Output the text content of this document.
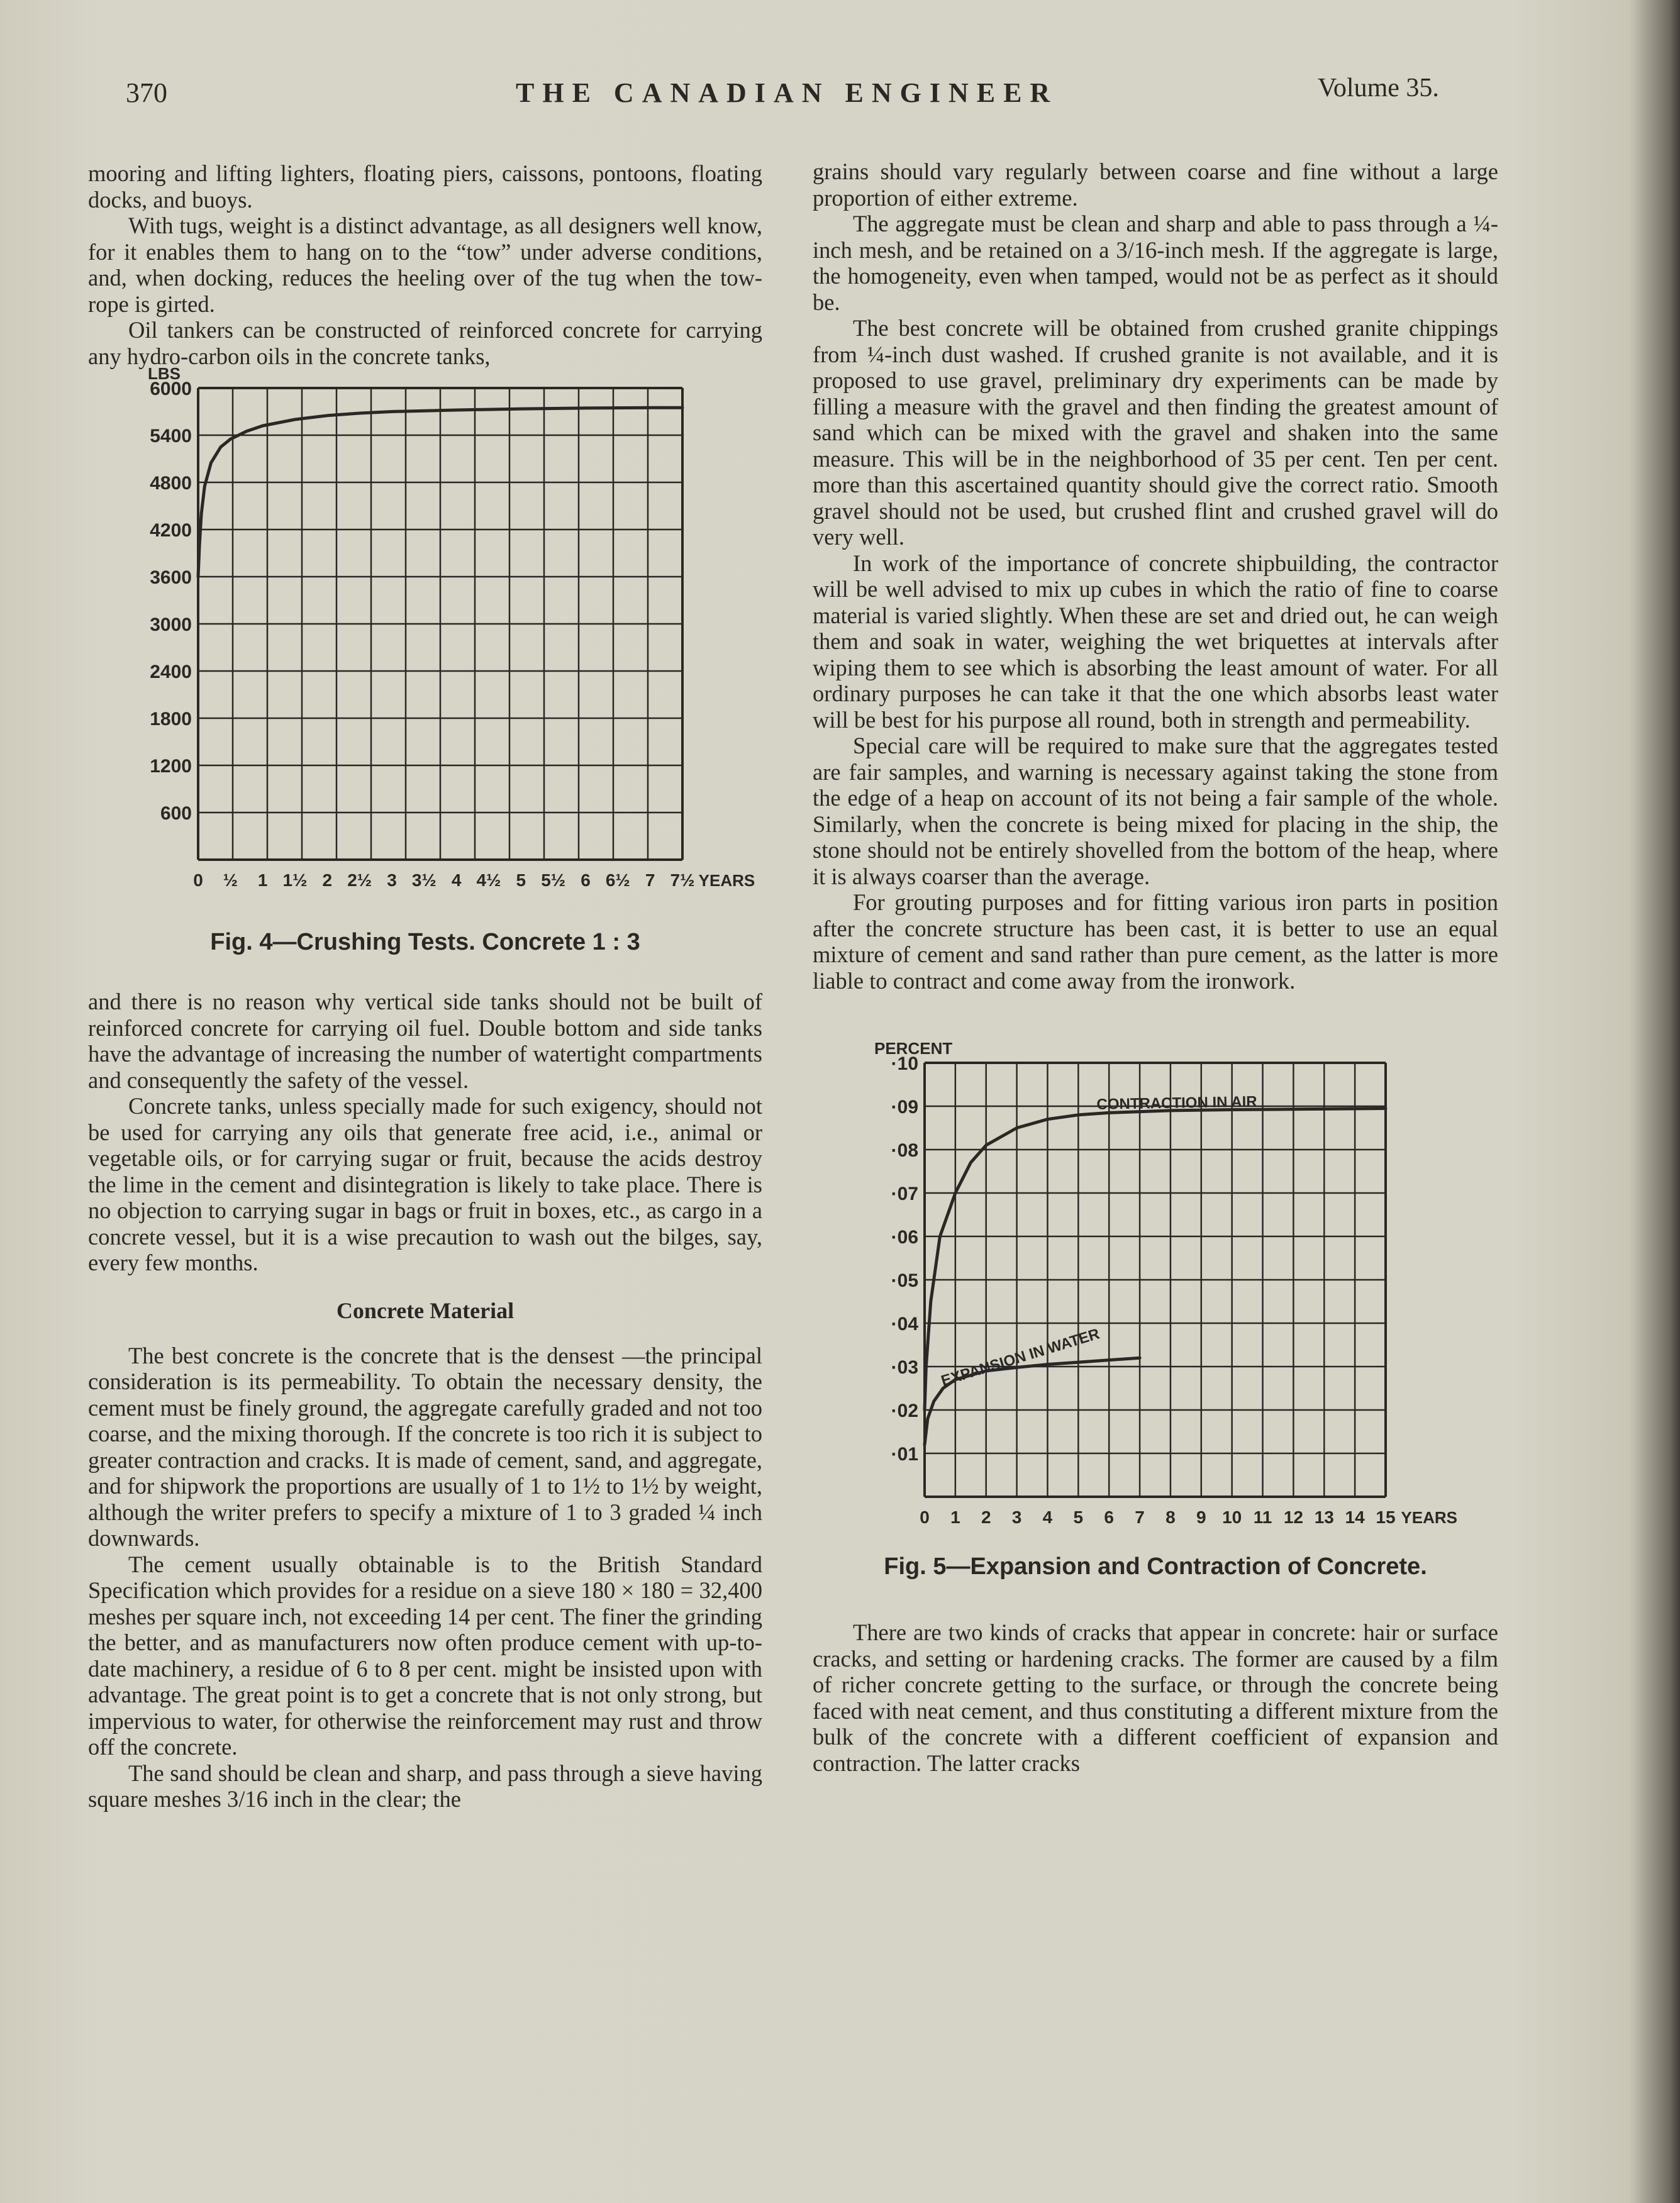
370	THE CANADIAN ENGINEER	Volume 35.

mooring and lifting lighters, floating piers, caissons, pontoons, floating docks, and buoys.

With tugs, weight is a distinct advantage, as all designers well know, for it enables them to hang on to the “tow” under adverse conditions, and, when docking, reduces the heeling over of the tug when the tow-rope is girted.

Oil tankers can be constructed of reinforced concrete for carrying any hydro-carbon oils in the concrete tanks,

LBS
600
1200
1800
2400
3000
3600
4200
4800
5400
6000
0 ½ 1 1½ 2 2½ 3 3½ 4 4½ 5 5½ 6 6½ 7 7½ YEARS

Fig. 4—Crushing Tests. Concrete 1 : 3

and there is no reason why vertical side tanks should not be built of reinforced concrete for carrying oil fuel. Double bottom and side tanks have the advantage of increasing the number of watertight compartments and consequently the safety of the vessel.

Concrete tanks, unless specially made for such exigency, should not be used for carrying any oils that generate free acid, i.e., animal or vegetable oils, or for carrying sugar or fruit, because the acids destroy the lime in the cement and disintegration is likely to take place. There is no objection to carrying sugar in bags or fruit in boxes, etc., as cargo in a concrete vessel, but it is a wise precaution to wash out the bilges, say, every few months.

Concrete Material

The best concrete is the concrete that is the densest —the principal consideration is its permeability. To obtain the necessary density, the cement must be finely ground, the aggregate carefully graded and not too coarse, and the mixing thorough. If the concrete is too rich it is subject to greater contraction and cracks. It is made of cement, sand, and aggregate, and for shipwork the proportions are usually of 1 to 1½ to 1½ by weight, although the writer prefers to specify a mixture of 1 to 3 graded ¼ inch downwards.

The cement usually obtainable is to the British Standard Specification which provides for a residue on a sieve 180 × 180 = 32,400 meshes per square inch, not exceeding 14 per cent. The finer the grinding the better, and as manufacturers now often produce cement with up-to-date machinery, a residue of 6 to 8 per cent. might be insisted upon with advantage. The great point is to get a concrete that is not only strong, but impervious to water, for otherwise the reinforcement may rust and throw off the concrete.

The sand should be clean and sharp, and pass through a sieve having square meshes 3/16 inch in the clear; the

grains should vary regularly between coarse and fine without a large proportion of either extreme.

The aggregate must be clean and sharp and able to pass through a ¼-inch mesh, and be retained on a 3/16-inch mesh. If the aggregate is large, the homogeneity, even when tamped, would not be as perfect as it should be.

The best concrete will be obtained from crushed granite chippings from ¼-inch dust washed. If crushed granite is not available, and it is proposed to use gravel, preliminary dry experiments can be made by filling a measure with the gravel and then finding the greatest amount of sand which can be mixed with the gravel and shaken into the same measure. This will be in the neighborhood of 35 per cent. Ten per cent. more than this ascertained quantity should give the correct ratio. Smooth gravel should not be used, but crushed flint and crushed gravel will do very well.

In work of the importance of concrete shipbuilding, the contractor will be well advised to mix up cubes in which the ratio of fine to coarse material is varied slightly. When these are set and dried out, he can weigh them and soak in water, weighing the wet briquettes at intervals after wiping them to see which is absorbing the least amount of water. For all ordinary purposes he can take it that the one which absorbs least water will be best for his purpose all round, both in strength and permeability.

Special care will be required to make sure that the aggregates tested are fair samples, and warning is necessary against taking the stone from the edge of a heap on account of its not being a fair sample of the whole. Similarly, when the concrete is being mixed for placing in the ship, the stone should not be entirely shovelled from the bottom of the heap, where it is always coarser than the average.

For grouting purposes and for fitting various iron parts in position after the concrete structure has been cast, it is better to use an equal mixture of cement and sand rather than pure cement, as the latter is more liable to contract and come away from the ironwork.

PERCENT
·01
·02
·03
·04
·05
·06
·07
·08
·09
·10
0 1 2 3 4 5 6 7 8 9 10 11 12 13 14 15 YEARS
CONTRACTION IN AIR
EXPANSION IN WATER

Fig. 5—Expansion and Contraction of Concrete.

There are two kinds of cracks that appear in concrete: hair or surface cracks, and setting or hardening cracks. The former are caused by a film of richer concrete getting to the surface, or through the concrete being faced with neat cement, and thus constituting a different mixture from the bulk of the concrete with a different coefficient of expansion and contraction. The latter cracks
